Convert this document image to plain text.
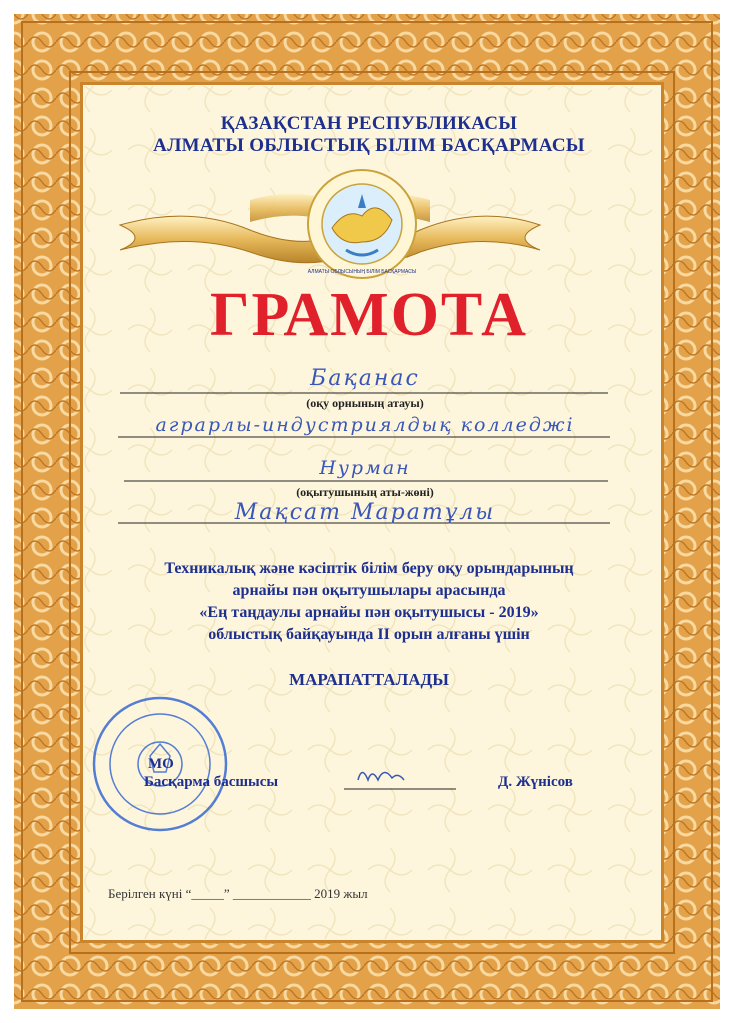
ҚАЗАҚСТАН РЕСПУБЛИКАСЫ
АЛМАТЫ ОБЛЫСТЫҚ БІЛІМ БАСҚАРМАСЫ
АЛМАТЫ ОБЛЫСЫНЫҢ БІЛІМ БАСҚАРМАСЫ
ГРАМОТА
Бақанас
(оқу орнының атауы)
аграрлы-индустриялдық колледжі
Нурман
(оқытушының аты-жөні)
Мақсат Маратұлы
Техникалық және кәсіптік білім беру оқу орындарының
арнайы пән оқытушылары арасында
«Ең таңдаулы арнайы пән оқытушысы - 2019»
облыстық байқауында II орын алғаны үшін
МАРАПАТТАЛАДЫ
МО
Басқарма басшысы	Д. Жүнісов
Берілген күні “_____” ____________ 2019 жыл
